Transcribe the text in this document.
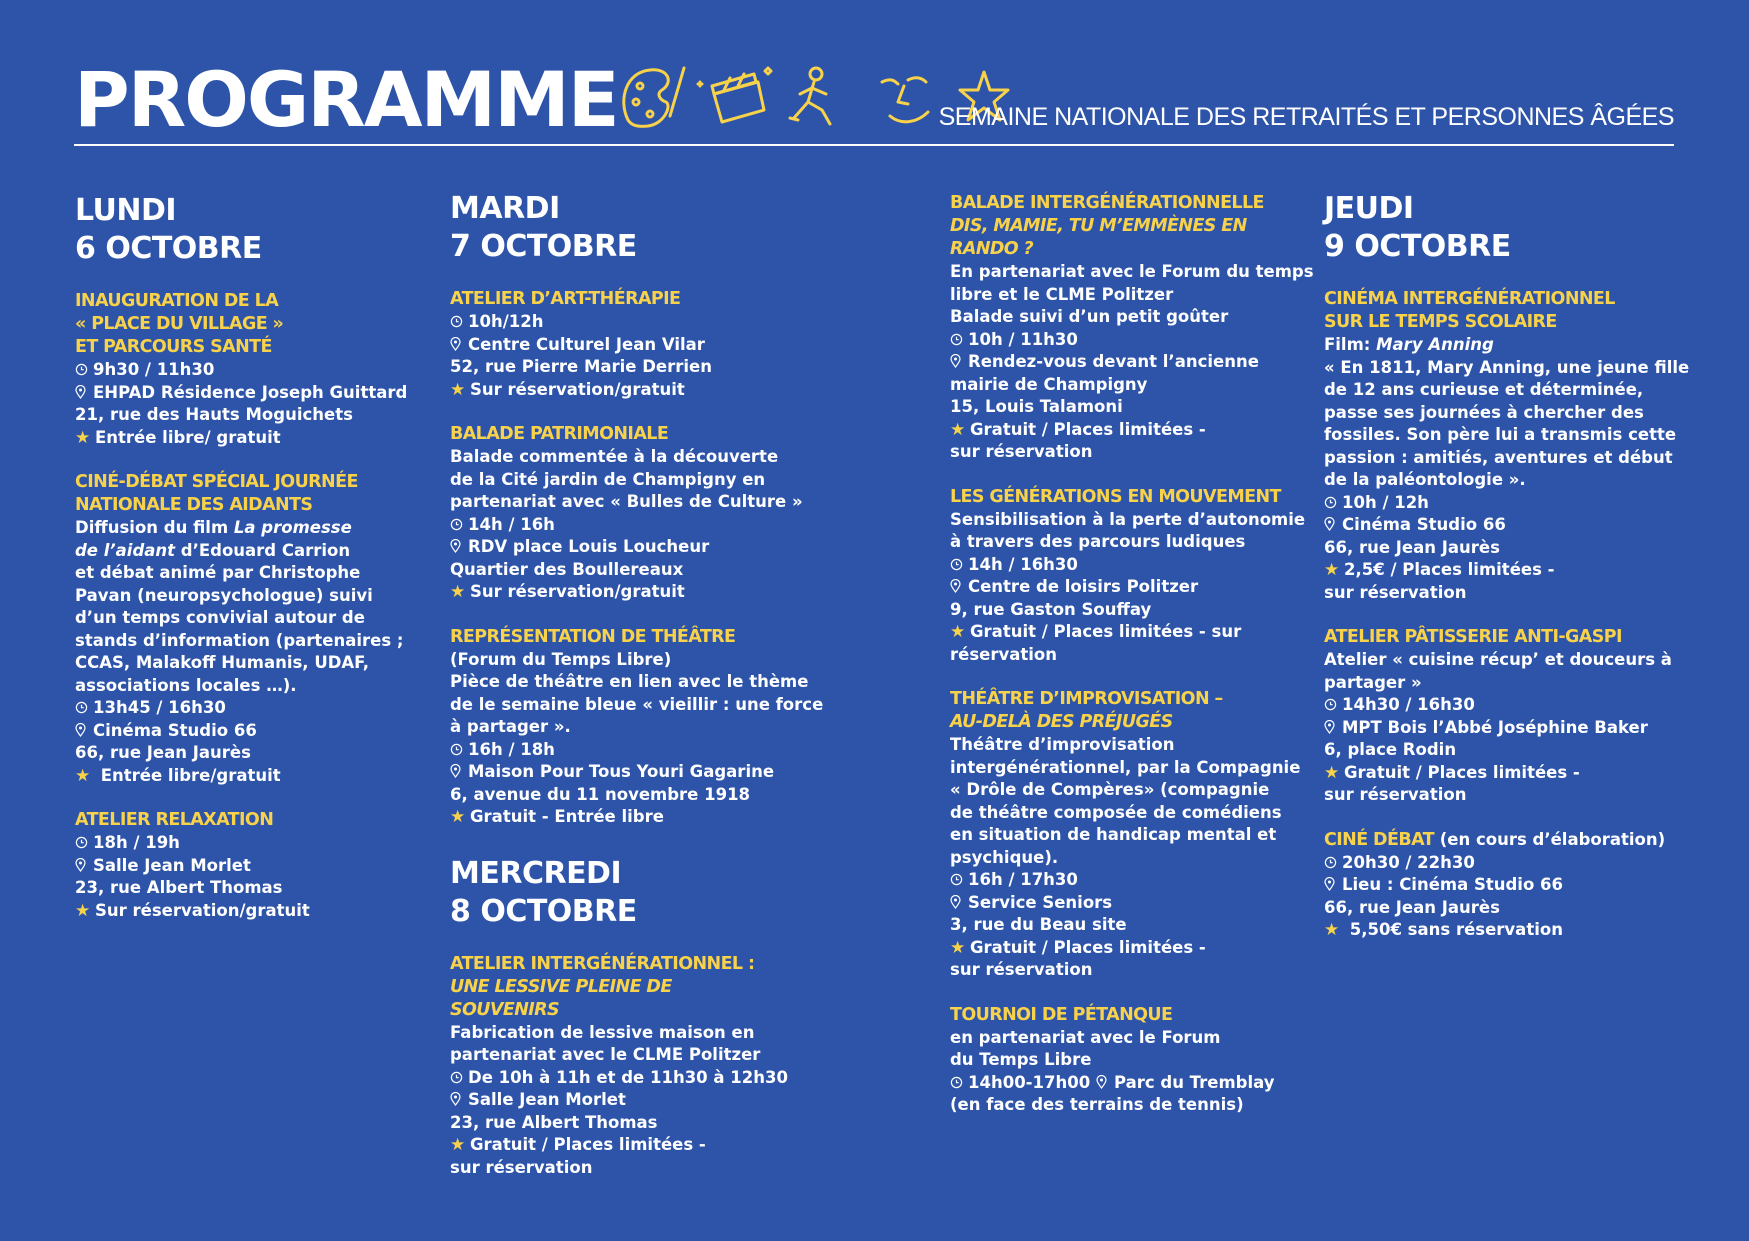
PROGRAMME	SEMAINE NATIONALE DES RETRAITÉS ET PERSONNES ÂGÉES
LUNDI
6 OCTOBRE
INAUGURATION DE LA
« PLACE DU VILLAGE »
ET PARCOURS SANTÉ
9h30 / 11h30
EHPAD Résidence Joseph Guittard
21, rue des Hauts Moguichets
★ Entrée libre/ gratuit
CINÉ-DÉBAT SPÉCIAL JOURNÉE
NATIONALE DES AIDANTS
Diffusion du film La promesse
de l’aidant d’Edouard Carrion
et débat animé par Christophe
Pavan (neuropsychologue) suivi
d’un temps convivial autour de
stands d’information (partenaires ;
CCAS, Malakoff Humanis, UDAF,
associations locales …).
13h45 / 16h30
Cinéma Studio 66
66, rue Jean Jaurès
★ Entrée libre/gratuit
ATELIER RELAXATION
18h / 19h
Salle Jean Morlet
23, rue Albert Thomas
★ Sur réservation/gratuit
MARDI
7 OCTOBRE
ATELIER D’ART-THÉRAPIE
10h/12h
Centre Culturel Jean Vilar
52, rue Pierre Marie Derrien
★ Sur réservation/gratuit
BALADE PATRIMONIALE
Balade commentée à la découverte
de la Cité jardin de Champigny en
partenariat avec « Bulles de Culture »
14h / 16h
RDV place Louis Loucheur
Quartier des Boullereaux
★ Sur réservation/gratuit
REPRÉSENTATION DE THÉÂTRE
(Forum du Temps Libre)
Pièce de théâtre en lien avec le thème
de le semaine bleue « vieillir : une force
à partager ».
16h / 18h
Maison Pour Tous Youri Gagarine
6, avenue du 11 novembre 1918
★ Gratuit - Entrée libre
MERCREDI
8 OCTOBRE
ATELIER INTERGÉNÉRATIONNEL :
UNE LESSIVE PLEINE DE
SOUVENIRS
Fabrication de lessive maison en
partenariat avec le CLME Politzer
De 10h à 11h et de 11h30 à 12h30
Salle Jean Morlet
23, rue Albert Thomas
★ Gratuit / Places limitées -
sur réservation
BALADE INTERGÉNÉRATIONNELLE
DIS, MAMIE, TU M’EMMÈNES EN
RANDO ?
En partenariat avec le Forum du temps
libre et le CLME Politzer
Balade suivi d’un petit goûter
10h / 11h30
Rendez-vous devant l’ancienne
mairie de Champigny
15, Louis Talamoni
★ Gratuit / Places limitées -
sur réservation
LES GÉNÉRATIONS EN MOUVEMENT
Sensibilisation à la perte d’autonomie
à travers des parcours ludiques
14h / 16h30
Centre de loisirs Politzer
9, rue Gaston Souffay
★ Gratuit / Places limitées - sur
réservation
THÉÂTRE D’IMPROVISATION –
AU-DELÀ DES PRÉJUGÉS
Théâtre d’improvisation
intergénérationnel, par la Compagnie
« Drôle de Compères» (compagnie
de théâtre composée de comédiens
en situation de handicap mental et
psychique).
16h / 17h30
Service Seniors
3, rue du Beau site
★ Gratuit / Places limitées -
sur réservation
TOURNOI DE PÉTANQUE
en partenariat avec le Forum
du Temps Libre
14h00-17h00 Parc du Tremblay
(en face des terrains de tennis)
JEUDI
9 OCTOBRE
CINÉMA INTERGÉNÉRATIONNEL
SUR LE TEMPS SCOLAIRE
Film: Mary Anning
« En 1811, Mary Anning, une jeune fille
de 12 ans curieuse et déterminée,
passe ses journées à chercher des
fossiles. Son père lui a transmis cette
passion : amitiés, aventures et début
de la paléontologie ».
10h / 12h
Cinéma Studio 66
66, rue Jean Jaurès
★ 2,5€ / Places limitées -
sur réservation
ATELIER PÂTISSERIE ANTI-GASPI
Atelier « cuisine récup’ et douceurs à
partager »
14h30 / 16h30
MPT Bois l’Abbé Joséphine Baker
6, place Rodin
★ Gratuit / Places limitées -
sur réservation
CINÉ DÉBAT (en cours d’élaboration)
20h30 / 22h30
Lieu : Cinéma Studio 66
66, rue Jean Jaurès
★ 5,50€ sans réservation
